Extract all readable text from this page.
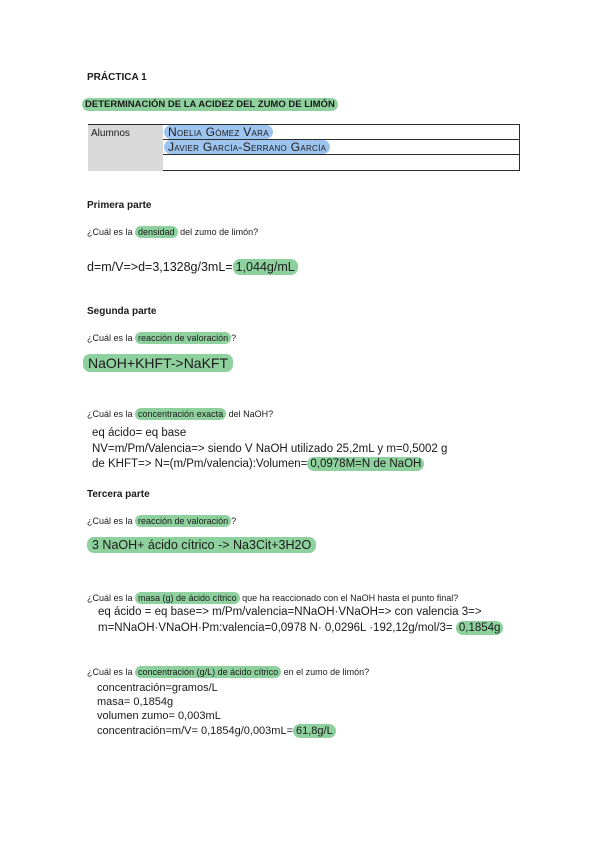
PRÁCTICA 1
DETERMINACIÓN DE LA ACIDEZ DEL ZUMO DE LIMÓN
Alumnos	Noelia Gómez Vara
Javier García-Serrano García
Primera parte
¿Cuál es la densidad del zumo de limón?
d=m/V=>d=3,1328g/3mL= 1,044g/mL
Segunda parte
¿Cuál es la reacción de valoración ?
NaOH+KHFT->NaKFT
¿Cuál es la concentración exacta del NaOH?
eq ácido= eq base
NV=m/Pm/Valencia=> siendo V NaOH utilizado 25,2mL y m=0,5002 g
de KHFT=> N=(m/Pm/valencia):Volumen= 0,0978M=N de NaOH
Tercera parte
¿Cuál es la reacción de valoración ?
3 NaOH+ ácido cítrico -> Na3Cit+3H2O
¿Cuál es la masa (g) de ácido cítrico que ha reaccionado con el NaOH hasta el punto final?
eq ácido = eq base=> m/Pm/valencia=NNaOH·VNaOH=> con valencia 3=>
m=NNaOH·VNaOH·Pm:valencia=0,0978 N· 0,0296L ·192,12g/mol/3= 0,1854g
¿Cuál es la concentración (g/L) de ácido cítrico en el zumo de limón?
concentración=gramos/L
masa= 0,1854g
volumen zumo= 0,003mL
concentración=m/V= 0,1854g/0,003mL= 61,8g/L
